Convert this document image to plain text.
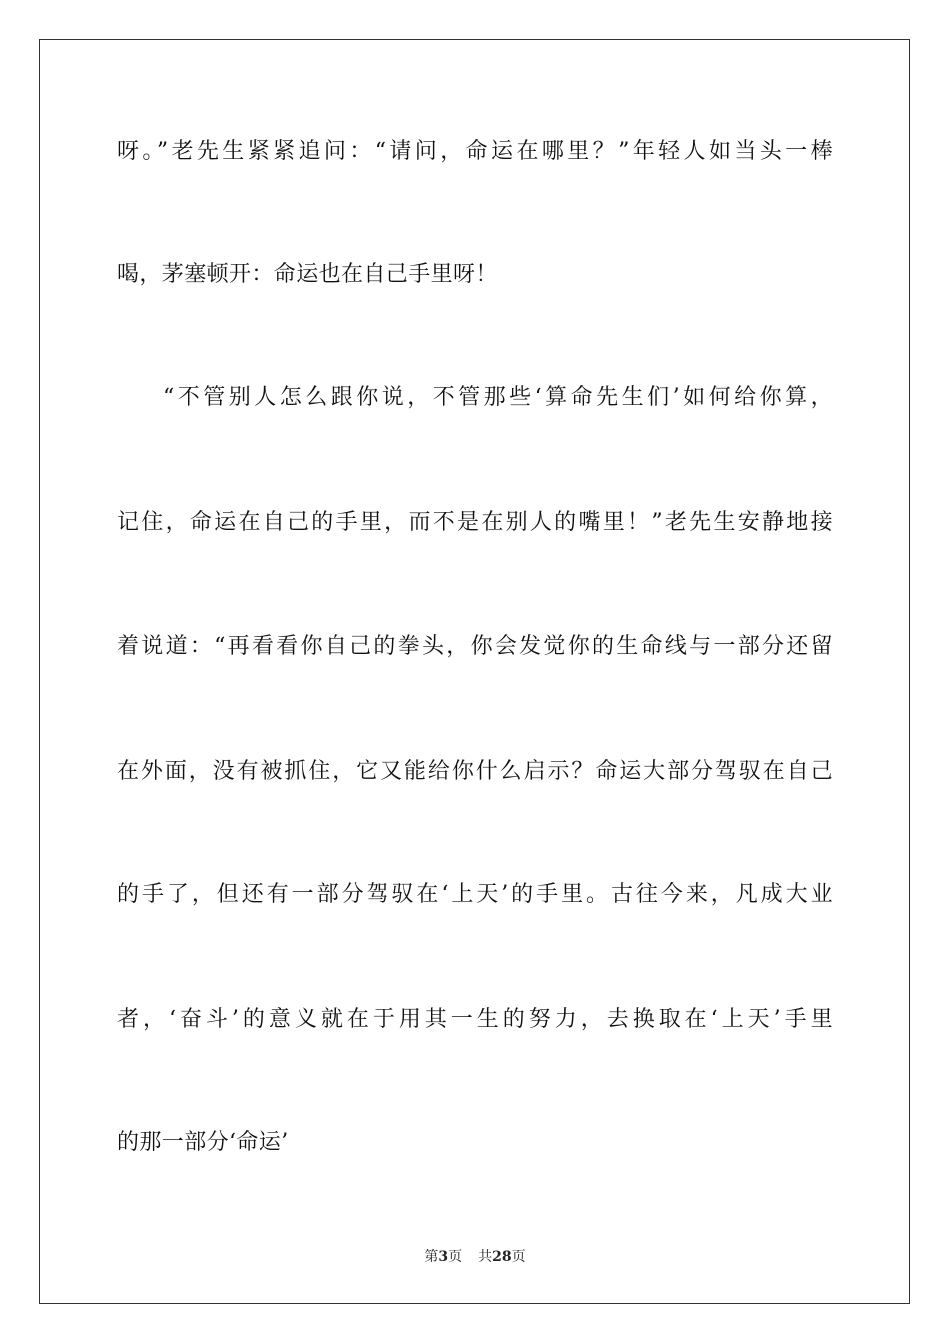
呀。”老先生紧紧追问：“请问，命运在哪里？”年轻人如当头一棒
喝，茅塞顿开：命运也在自己手里呀！
“不管别人怎么跟你说，不管那些‘算命先生们’如何给你算，
记住，命运在自己的手里，而不是在别人的嘴里！”老先生安静地接
着说道：“再看看你自己的拳头，你会发觉你的生命线与一部分还留
在外面，没有被抓住，它又能给你什么启示？命运大部分驾驭在自己
的手了，但还有一部分驾驭在‘上天’的手里。古往今来，凡成大业
者，‘奋斗’的意义就在于用其一生的努力，去换取在‘上天’手里
的那一部分‘命运’
第3页 共28页
